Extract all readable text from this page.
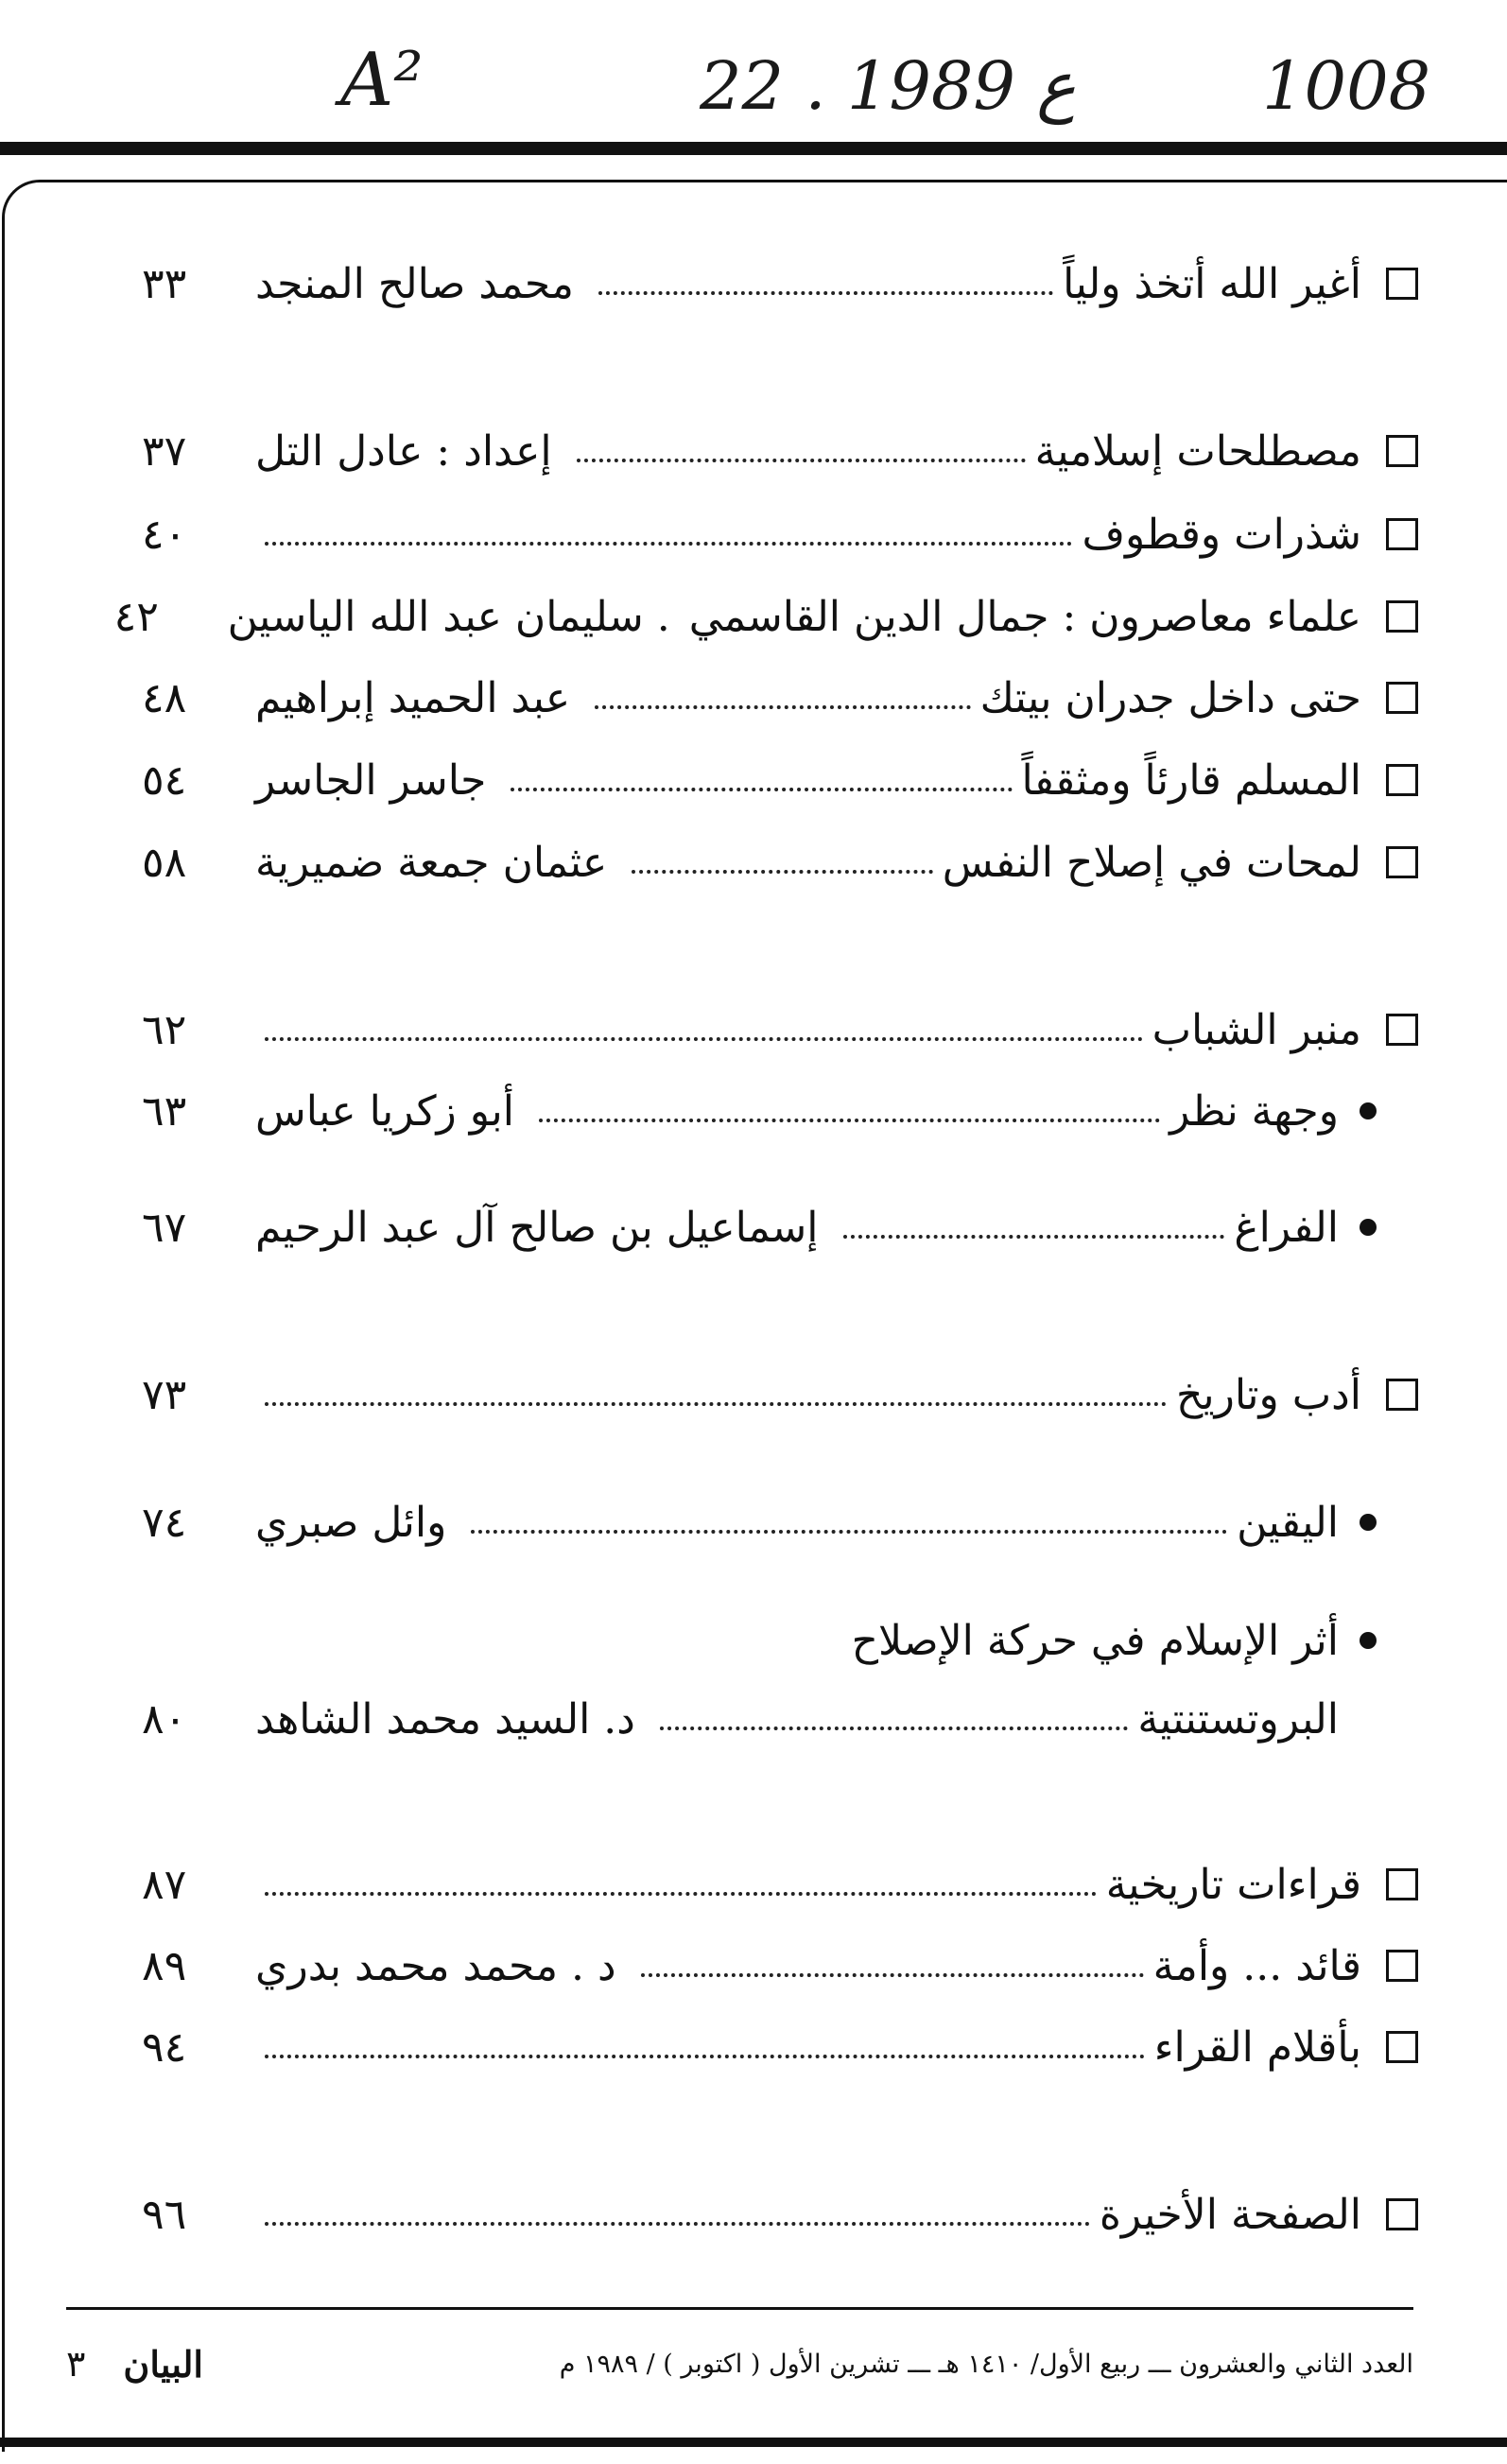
A²	22 . ع 1989	1008
أغير الله أتخذ ولياً
محمد صالح المنجد
٣٣
مصطلحات إسلامية
إعداد : عادل التل
٣٧
شذرات وقطوف
٤٠
علماء معاصرون : جمال الدين القاسمي
. سليمان عبد الله الياسين
٤٢
حتى داخل جدران بيتك
عبد الحميد إبراهيم
٤٨
المسلم قارئاً ومثقفاً
جاسر الجاسر
٥٤
لمحات في إصلاح النفس
عثمان جمعة ضميرية
٥٨
منبر الشباب
٦٢
وجهة نظر
أبو زكريا عباس
٦٣
الفراغ
إسماعيل بن صالح آل عبد الرحيم
٦٧
أدب وتاريخ
٧٣
اليقين
وائل صبري
٧٤
أثر الإسلام في حركة الإصلاح
البروتستنتية
د. السيد محمد الشاهد
٨٠
قراءات تاريخية
٨٧
قائد ... وأمة
د . محمد محمد بدري
٨٩
بأقلام القراء
٩٤
الصفحة الأخيرة
٩٦
العدد الثاني والعشرون ـــ ربيع الأول/ ١٤١٠ هـ ـــ تشرين الأول ( اكتوبر ) / ١٩٨٩ م
البيان
٣
